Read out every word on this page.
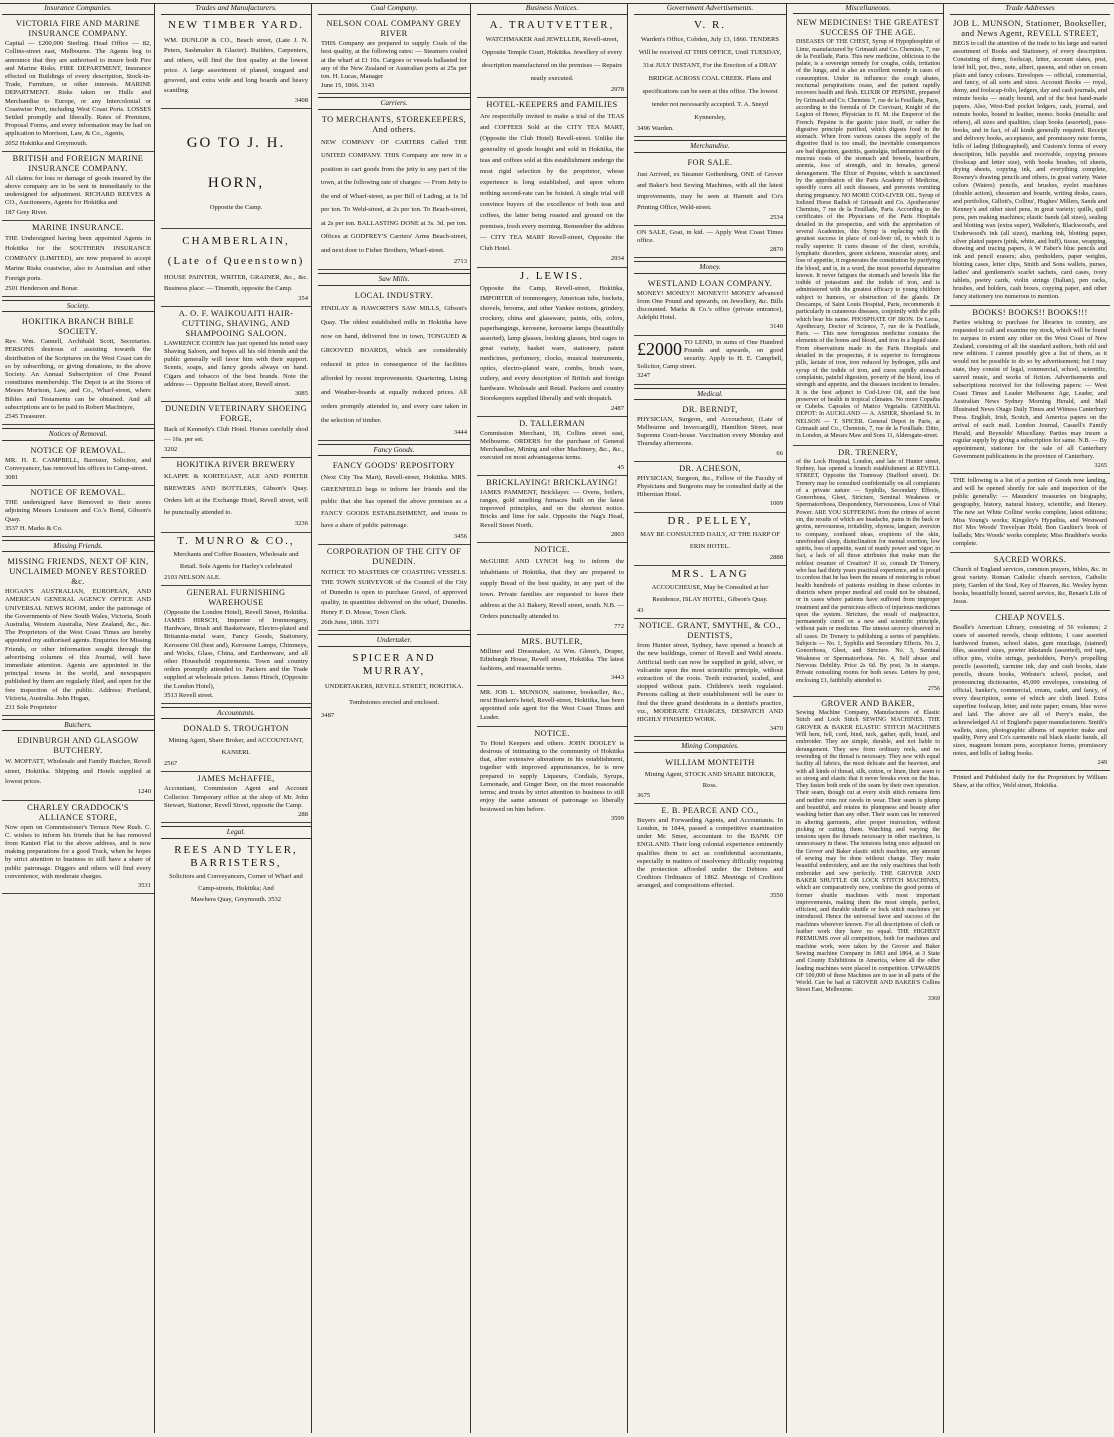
Insurance Companies.
VICTORIA FIRE AND MARINE INSURANCE COMPANY.

Capital — £200,000 Sterling. Head Office — 82, Collins-street east, Melbourne. The Agents beg to announce that they are authorised to insure both Fire and Marine Risks. FIRE DEPARTMENT, Insurance effected on Buildings of every description, Stock-in-Trade, Furniture, or other interests. MARINE DEPARTMENT. Risks taken on Hulls and Merchandise to Europe, or any Intercolonial or Coastwise Port, including West Coast Ports. LOSSES Settled promptly and liberally. Rates of Premium, Proposal Forms, and every information may be had on application to Morrison, Law, & Co., Agents,

2052 Hokitika and Greymouth.
BRITISH and FOREIGN MARINE INSURANCE COMPANY.

All claims for loss or damage of goods insured by the above company are to be sent in immediately to the undersigned for adjustment. RICHARD REEVES & CO., Auctioneers, Agents for Hokitika and

187 Grey River.
MARINE INSURANCE.

THE Undersigned having been appointed Agents in Hokitika for the SOUTHERN INSURANCE COMPANY (LIMITED), are now prepared to accept Marine Risks coastwise, also to Australian and other Foreign ports.

2501 Henderson and Bonar.
Society.
HOKITIKA BRANCH BIBLE SOCIETY.

Rev. Wm. Cannell, Archibald Scott, Secretaries. PERSONS desirous of assisting towards the distribution of the Scriptures on the West Coast can do so by subscribing, or giving donations, to the above Society. An Annual Subscription of One Pound constitutes membership. The Depot is at the Stores of Messrs Morison, Law, and Co., Wharf-street, where Bibles and Testaments can be obtained. And all subscriptions are to be paid to Robert MacIntyre,

2545 Treasurer.
Notices of Removal.
NOTICE OF REMOVAL.

MR. H. E. CAMPBELL, Barrister, Solicitor, and Conveyancer, has removed his offices to Camp-street.

3081
NOTICE OF REMOVAL.

THE undersigned have Removed to their stores adjoining Messrs Louisson and Co.'s Bond, Gibson's Quay.

3537 H. Marks & Co.
Missing Friends.
MISSING FRIENDS, NEXT OF KIN, UNCLAIMED MONEY RESTORED &c.

HOGAN'S AUSTRALIAN, EUROPEAN, AND AMERICAN GENERAL AGENCY OFFICE AND UNIVERSAL NEWS ROOM, under the patronage of the Governments of New South Wales, Victoria, South Australia, Western Australia, New Zealand, &c., &c. The Proprietors of the West Coast Times are hereby appointed my authorised agents. Enquiries for Missing Friends, or other information sought through the advertising columns of this Journal, will have immediate attention. Agents are appointed in the principal towns in the world, and newspapers published by them are regularly filed, and open for the free inspection of the public. Address: Portland, Victoria, Australia. John Hogan,

231 Sole Proprietor
Butchers.
EDINBURGH AND GLASGOW BUTCHERY.

W. MOFFATT, Wholesale and Family Butcher, Revell street, Hokitika. Shipping and Hotels supplied at lowest prices.

1240
CHARLEY CRADDOCK'S ALLIANCE STORE,

Now open on Commissioner's Terrace New Rush. C. C. wishes to inform his friends that he has removed from Kanieri Flat to the above address, and is now making preparations for a good Track, when he hopes by strict attention to business to still have a share of public patronage. Diggers and others will find every convenience, with moderate charges.

3531
Trades and Manufacturers.
NEW TIMBER YARD.

WM. DUNLOP & CO., Beach street, (Late J. N. Peters, Sashmaker & Glazier). Builders, Carpenters, and others, will find the first quality at the lowest price. A large assortment of planed, tongued and grooved, and extra wide and long boards and heavy scantling.

3408
GO TO J. H. HORN,

Opposite the Camp.

CHAMBERLAIN, (Late of Queenstown)

HOUSE PAINTER, WRITER, GRAINER, &c., &c. Business place: — Tinsmith, opposite the Camp.

354
A. O. F. WAIKOUAITI HAIR-CUTTING, SHAVING, AND SHAMPOOING SALOON.

LAWRENCE COHEN has just opened his noted easy Shaving Saloon, and hopes all his old friends and the public generally will favor him with their support. Scents, soaps, and fancy goods always on hand. Cigars and tobacco of the best brands. Note the address — Opposite Belfast store, Revell street.

3085
DUNEDIN VETERINARY SHOEING FORGE,

Back of Kennedy's Club Hotel. Horses carefully shod — 16s. per set.

3202
HOKITIKA RIVER BREWERY

KLAPPE & KORTEGAST, ALE AND PORTER BREWERS AND BOTTLERS, Gibson's Quay. Orders left at the Exchange Hotel, Revell street, will be punctually attended to.

3236
T. MUNRO & CO.,

Merchants and Coffee Roasters, Wholesale and Retail. Sole Agents for Harley's celebrated

2103 NELSON ALE.
GENERAL FURNISHING WAREHOUSE

(Opposite the London Hotel), Revell Street, Hokitika. JAMES HIRSCH, Importer of Ironmongery, Hardware, Brush and Basketware, Electro-plated and Britannia-metal ware, Fancy Goods, Stationery, Kerosene Oil (best and), Kerosene Lamps, Chimneys, and Wicks, Glass, China, and Earthenware, and all other Household requirements. Town and country orders promptly attended to. Packers and the Trade supplied at wholesale prices. James Hirsch, (Opposite the London Hotel),

3513 Revell street.
Accountants.
DONALD S. TROUGHTON

Mining Agent, Share Broker, and ACCOUNTANT, KANIERI.

2567
JAMES McHAFFIE,

Accountant, Commission Agent and Account Collector. Temporary office at the shop of Mr. John Stewart, Stationer, Revell Street, opposite the Camp.

288
Legal.
REES AND TYLER, BARRISTERS,

Solicitors and Conveyancers, Corner of Wharf and Camp-streets, Hokitika; And

Mawhera Quay, Greymouth. 3532
Coal Company.
NELSON COAL COMPANY GREY RIVER

THIS Company are prepared to supply Coals of the best quality, at the following rates: — Steamers coaled at the wharf at £1 10s. Cargoes or vessels ballasted for any of the New Zealand or Australian ports at 25s per ton. H. Lucas, Manager

June 15, 1866. 3143
Carriers.
TO MERCHANTS, STOREKEEPERS, And others.

NEW COMPANY OF CARTERS Called THE UNITED COMPANY. THIS Company are now in a position to cart goods from the jetty to any part of the town, at the following rate of charges: — From Jetty to the end of Wharf-street, as per Bill of Lading, at 1s 3d per ton. To Weld-street, at 2s per ton. To Beach-street, at 2s per ton. BALLASTING DONE at 3s. 3d. per ton. Offices at GODFREY'S Carriers' Arms Beach-street, and next door to Fisher Brothers, Wharf-street.

2713
Saw Mills.
LOCAL INDUSTRY.

FINDLAY & HAWORTH'S SAW MILLS, Gibson's Quay. The oldest established mills in Hokitika have now on hand, delivered free in town, TONGUED & GROOVED BOARDS, which are considerably reduced in price in consequence of the facilities afforded by recent improvements. Quartering, Lining and Weather-boards at equally reduced prices. All orders promptly attended to, and every care taken in the selection of timber.

3444
Fancy Goods.
FANCY GOODS' REPOSITORY

(Next City Tea Mart), Revell-street, Hokitika. MRS. GREENFIELD begs to inform her friends and the public that she has opened the above premises as a FANCY GOODS ESTABLISHMENT, and trusts to have a share of public patronage.

3456
CORPORATION OF THE CITY OF DUNEDIN.

NOTICE TO MASTERS OF COASTING VESSELS. THE TOWN SURVEYOR of the Council of the City of Dunedin is open to purchase Gravel, of approved quality, in quantities delivered on the wharf, Dunedin. Henry F. D. Mosse, Town Clerk.

26th June, 1866. 3371
Undertaker.
SPICER AND MURRAY,

UNDERTAKERS, REVELL STREET, HOKITIKA. Tombstones erected and enclosed.

3487
Business Notices.
A. TRAUTVETTER,

WATCHMAKER And JEWELLER, Revell-street, Opposite Temple Court, Hokitika. Jewellery of every description manufactured on the premises — Repairs neatly executed.

2978
HOTEL-KEEPERS and FAMILIES

Are respectfully invited to make a trial of the TEAS and COFFEES Sold at the CITY TEA MART, (Opposite the Club Hotel) Revell-street. Unlike the generality of goods bought and sold in Hokitika, the teas and coffees sold at this establishment undergo the most rigid selection by the proprietor, whose experience is long established, and upon whom nothing second-rate can be foisted. A single trial will convince buyers of the excellence of both teas and coffees, the latter being roasted and ground on the premises, fresh every morning. Remember the address — CITY TEA MART Revell-street, Opposite the Club Hotel.

2934
J. LEWIS.

Opposite the Camp, Revell-street, Hokitika, IMPORTER of ironmongery, American tubs, buckets, shovels, brooms, and other Yankee notions, grindery, crockery, china and glassware, paints, oils, colors, paperhangings, kerosene, kerosene lamps (beautifully assorted), lamp glasses, looking glasses, bird cages in great variety, basket ware, stationery, patent medicines, perfumery, clocks, musical instruments, optics, electro-plated ware, combs, brush ware, cutlery, and every description of British and foreign hardware. Wholesale and Retail. Packers and country Storekeepers supplied liberally and with despatch.

2487
D. TALLERMAN

Commission Merchant, 18, Collins street east, Melbourne. ORDERS for the purchase of General Merchandise, Mining and other Machinery, &c., &c., executed on most advantageous terms.

45
BRICKLAYING! BRICKLAYING!

JAMES PAMMENT, Bricklayer. — Ovens, boilers, ranges, gold smelting furnaces built on the latest improved principles, and on the shortest notice. Bricks and lime for sale. Opposite the Nag's Head, Revell Street North.

2803
NOTICE.

McGUIRE AND LYNCH beg to inform the inhabitants of Hokitika, that they are prepared to supply Bread of the best quality, in any part of the town. Private families are requested to leave their address at the A1 Bakery, Revell street, south. N.B. — Orders punctually attended to.

772
MRS. BUTLER,

Milliner and Dressmaker, At Wm. Glenn's, Draper, Edinburgh House, Revell street, Hokitika. The latest fashions, and reasonable terms.

3443

MR. JOB L. MUNSON, stationer, bookseller, &c., next Bracken's hotel, Revell-street, Hokitika, has been appointed sole agent for the West Coast Times and Leader.

NOTICE.

To Hotel Keepers and others. JOHN DOOLEY is desirous of intimating to the community of Hokitika that, after extensive alterations in his establishment, together with improved appurtenances, he is now prepared to supply Liqueurs, Cordials, Syrups, Lemonade, and Ginger Beer, on the most reasonable terms; and trusts by strict attention to business to still enjoy the same amount of patronage so liberally bestowed on him before.

3599
Government Advertisements.
V. R.

Warden's Office, Cobden, July 13, 1866. TENDERS Will be received AT THIS OFFICE, Until TUESDAY, 31st JULY INSTANT, For the Erection of a DRAY BRIDGE ACROSS COAL CREEK. Plans and specifications can be seen at this office. The lowest tender not necessarily accepted. T. A. Sneyd Kynnersley,

3496 Warden.
Merchandise.
FOR SALE.

Just Arrived, ex Steamer Gothenburg, ONE of Grover and Baker's best Sewing Machines, with all the latest improvements, may be seen at Harnett and Co's Printing Office, Weld-street.

2534

ON SALE, Goat, in kid. — Apply West Coast Times office.

2870
Money.
WESTLAND LOAN COMPANY.

MONEY! MONEY!! MONEY!!! MONEY advanced from One Pound and upwards, on Jewellery, &c. Bills discounted. Marks & Co.'s office (private entrance), Adelphi Hotel.

3140
£2000 TO LEND, in sums of One Hundred Pounds and upwards, on good security. Apply to H. E. Campbell, Solicitor, Camp street.

3247
Medical.
DR. BERNDT,

PHYSICIAN, Surgeon, and Accoucheur, (Late of Melbourne and Invercargill), Hamilton Street, near Supreme Court-house. Vaccination every Monday and Thursday afternoons.

66
DR. ACHESON,

PHYSICIAN, Surgeon, &c., Fellow of the Faculty of Physicians and Surgeons may be consulted daily at the Hibernian Hotel.

1009
DR. PELLEY,

MAY BE CONSULTED DAILY, AT THE HARP OF ERIN HOTEL.

2888
MRS. LANG

ACCOUCHEUSE, May be Consulted at her Residence, ISLAY HOTEL, Gibson's Quay.

43
NOTICE. GRANT, SMYTHE, & CO., DENTISTS,

from Hunter street, Sydney, have opened a branch at the new buildings, corner of Revell and Weld streets. Artificial teeth can now be supplied in gold, silver, or vulcanite upon the most scientific principle, without extraction of the roots. Teeth extracted, scaled, and stopped without pain. Children's teeth regulated. Persons calling at their establishment will be sure to find the three grand desiderata in a dentist's practice, viz., MODERATE CHARGES, DESPATCH AND HIGHLY FINISHED WORK.

3470
Mining Companies.
WILLIAM MONTEITH

Mining Agent, STOCK AND SHARE BROKER, Ross.

3675
E. B. PEARCE AND CO.,

Buyers and Forwarding Agents, and Accountants. In London, in 1844, passed a competitive examination under Mr. Smee, accountant to the BANK OF ENGLAND. Their long colonial experience eminently qualifies them to act as confidential accountants, especially in matters of insolvency difficulty requiring the protection afforded under the Debtors and Creditors Ordinance of 1862. Meetings of Creditors arranged, and compositions effected.

3550
Miscellaneous.
NEW MEDICINES! THE GREATEST SUCCESS OF THE AGE.

DISEASES OF THE CHEST, Syrup of Hypophosphite of Lime, manufactured by Grimault and Co. Chemists, 7, rue de la Feuillade, Paris. This new medicine, oblicious to the palate, is a sovereign remedy for coughs, colds, irritation of the lungs, and is also an excellent remedy in cases of consumption. Under its influence the cough abates, nocturnal perspirations cease, and the patient rapidly recovers health and flesh. ELIXIR OF PEPSINE, prepared by Grimault and Co. Chemists 7, rue de la Feuillade, Paris, according to the formula of Dr Corvisart, Knight of the Legion of Honor, Physician to H. M. the Emperor of the French. Pepsine is the gastric juice itself, or rather the digestive principle purified, which digests food in the stomach. When from various causes the supply of the digestive fluid is too small, the inevitable consequences are bad digestion, gastritis, gastralgia, inflammation of the mucous coats of the stomach and bowels, heartburn, anemia, loss of strength, and in females, general derangement. The Elixir of Pepsine, which is sanctioned by the approbation of the Paris Academy of Medicine, speedily cures all such diseases, and prevents vomiting during pregnancy. NO MORE COD-LIVER OIL. Syrup of Iodized Horse Radish of Grimault and Co. Apothecaries' Chemists, 7 rue de la Feuillade, Paris. According to the certificates of the Physicians of the Paris Hospitals detailed in the prospectus, and with the approbation of several Academies, this Syrup is replacing with the greatest success in place of cod-liver oil, to which it is really superior. It cures disease of the chest, scrofula, lymphatic disorders, green sickness, muscular atony, and loss of appetite, it regenerates the constitution by purifying the blood, and is, in a word, the most powerful depurative known. It never fatigues the stomach and bowels like the iodide of potassium and the iodide of iron, and is administered with the greatest efficacy to young children subject to humors, or obstruction of the glands. Dr Descamps, of Saint Louis Hospital, Paris, recommends it particularly in cutaneous diseases, conjointly with the pills which bear his name. PHOSPHATE OF IRON. Dr Leras, Apothecary, Doctor of Science, 7, rue de la Feuillade, Paris. — This new ferruginous medicine contains the elements of the bones and blood, and iron in a liquid state. From observations made in the Paris Hospitals and detailed in the prospectus, it is superior to ferruginous pills, lactate of iron, iron reduced by hydrogen, pills and syrup of the iodide of iron, and cures rapidly stomach complaints, painful digestion, poverty of the blood, loss of strength and appetite, and the diseases incident to females. It is the best adjunct to Cod-Liver Oil, and the best preserver of health in tropical climates. No more Copaiba or Cubebs. Capsules of Matico Vegetalis. GENERAL DEPOT: In AUCKLAND — A. ASHER, Shortland St. In NELSON — T. SPICER. General Depot in Paris, at Grimault and Co., Chemists, 7, rue de la Feuillade. Ditto, in London, at Messrs Maw and Sons 11, Aldersgate-street.

DR. TRENERY,

of the Lock Hospital, London, and late of Hunter street, Sydney, has opened a branch establishment at REVELL STREET, Opposite the Tramway (Stafford street). Dr. Trenery may be consulted confidentially on all complaints of a private nature — Syphilis, Secondary Effects, Gonorrhoea, Gleet, Stricture, Seminal Weakness or Spermatorrhoea, Despondency, Nervousness, Loss of Vital Power. ARE YOU SUFFERING from the crimes of secret sin, the results of which are headache, pains in the back or groins, nervousness, irritability, shyness, languor, aversion to company, confused ideas, eruptions of the skin, unrefreshed sleep, disinclination for mental exertion, low spirits, loss of appetite, want of manly power and vigor; in fact, a lack of all those attributes that make man the noblest creature of Creation? If so, consult Dr Trenery, who has had thirty years practical experience, and is proud to confess that he has been the means of restoring to robust health hundreds of patients residing in these colonies in districts where proper medical aid could not be obtained, or in cases where patients have suffered from improper treatment and the pernicious effects of injurious medicines upon the system. Stricture, the result of malpractice, permanently cured on a new and scientific principle, without pain or medicine. The utmost secrecy observed in all cases. Dr Trenery is publishing a series of pamphlets. Subjects — No. 1, Syphilis and Secondary Effects. No. 2, Gonorrhoea, Gleet, and Stricture. No. 3, Seminal Weakness or Spermatorrhoea. No. 4, Self abuse and Nervous Debility. Price 2s 6d. By post, 3s in stamps. Private consulting rooms for both sexes. Letters by post, enclosing £1, faithfully attended to.

2756
GROVER AND BAKER,

Sewing Machine Company, Manufacturers of Elastic Stitch and Lock Stitch SEWING MACHINES. THE GROVER & BAKER ELASTIC STITCH MACHINES Will hem, fell, cord, bind, tuck, gather, quilt, braid, and embroider. They are simple, durable, and not liable to derangement. They sew from ordinary reels, and no rewinding of the thread is necessary. They sew with equal facility all fabrics, the most delicate and the heaviest, and with all kinds of thread, silk, cotton, or linen, their seam is so strong and elastic that it never breaks even on the bias. They fasten both ends of the seam by their own operation. Their seam, though cut at every sixth stitch remains firm and neither runs nor ravels in wear. Their seam is plump and beautiful, and retains its plumpness and beauty after washing better than any other. Their seam can be removed in altering garments, after proper instruction, without picking or cutting them. Watching and varying the tensions upon the threads necessary in other machines, is unnecessary in these. The tensions being once adjusted on the Grover and Baker elastic stitch machine, any amount of sewing may be done without change. They make beautiful embroidery, and are the only machines that both embroider and sew perfectly. THE GROVER AND BAKER SHUTTLE OR LOCK STITCH MACHINES, which are comparatively new, combine the good points of former shuttle machines with most important improvements, making them the most simple, perfect, efficient, and durable shuttle or lock stitch machines yet introduced. Hence the universal favor and success of the machines wherever known. For all descriptions of cloth or leather work they have no equal. THE HIGHEST PREMIUMS over all competitors, both for machines and machine work, were taken by the Grover and Baker Sewing machine Company in 1863 and 1864, at 3 State and County Exhibitions in America, where all the other leading machines were placed in competition. UPWARDS OF 100,000 of these Machines are in use in all parts of the World. Can be had at GROVER AND BAKER'S Collins Street East, Melbourne.

3369
Trade Addresses
JOB L. MUNSON, Stationer, Bookseller, and News Agent, REVELL STREET,

BEGS to call the attention of the trade to his large and varied assortment of Books and Stationery, of every description. Consisting of demy, foolscap, letter, account slates, post, brief bill, pot, 8vo., note, albert, queens, and other on cream plain and fancy colours. Envelopes — official, commercial, and fancy, of all sorts and sizes. Account Books — royal, demy, and foolscap-folio, ledgers, day and cash journals, and minute books — neatly bound, and of the best hand-made papers. Also, West-End pocket ledgers, cash, journal, and minute books, bound in leather, memo. books (metallic and others), all sizes and qualities, clasp books (assorted), pass-books, and in fact, of all kinds generally required. Receipt and delivery books, acceptance, and promissory note forms, bills of lading (lithographed), and Custom's forms of every description, bills payable and receivable, copying presses (foolscap and letter size), with books brushes, oil sheets, drying sheets, copying ink, and everything complete, Rowney's drawing pencils and others, in great variety. Water colors (Waters) pencils, and brushes, eyelet machines (double action), chessmen and boards, writing desks, cases, and portfolios, Gillott's, Collins', Hughes' Millers, Sands and Kenney's and other steel pens, in great variety; quills, quill pens, pen making machines; elastic bands (all sizes), sealing and blotting wax (extra super), Walkden's, Blackwood's, and Underwood's ink (all sizes), marking ink, blotting paper, silver plated papers (pink, white, and buff), tissue, wrapping, drawing and tracing papers, A W Faber's blue pencils and ink and pencil erasers; also, penholders, paper weights, blotting cases, letter clips, Smith and Sons wallets, purses, ladies' and gentlemen's scarlet sachets, card cases, ivory tablets, poetry cards, violin strings (Italian), pen racks, brushes, and holders, cash boxes, copying paper, and other fancy stationery too numerous to mention.

BOOKS! BOOKS!! BOOKS!!!

Parties wishing to purchase for libraries in country, are requested to call and examine my stock, which will be found to surpass in extent any other on the West Coast of New Zealand, consisting of all the standard authors, both old and new editions. I cannot possibly give a list of them, as it would not be possible to do so by advertisement; but I may state, they consist of legal, commercial, school, scientific, sacred music, and works of fiction. Advertisements and subscriptions received for the following papers: — West Coast Times and Leader Melbourne Age, Leader, and Australian News Sydney Morning Herald, and Mail Illustrated News Otago Daily Times and Witness Canterbury Press. English, Irish, Scotch, and America papers on the arrival of each mail. London Journal, Cassell's Family Herald, and Reynolds' Miscellany. Parties may insure a regular supply by giving a subscription for same. N.B. — By appointment, stationer for the sale of all Canterbury Government publications in the province of Canterbury.

3265

THE following is a list of a portion of Goods now landing, and will be opened shortly for sale and inspection of the public generally: — Maunders' treasuries on biography, geography, history, natural history, scientific, and literary. The new set White Collins' works complete, latest editions; Miss Young's works; Kingsley's Hypathia, and Westward Ho! Mrs Woods' Trevelyan Hold; Bon Gaultier's book of ballads; Mrs Woods' works complete; Miss Braddon's works complete.

SACRED WORKS.

Church of England services, common prayers, bibles, &c. in great variety. Roman Catholic church services, Catholic piety, Garden of the Soul, Key of Heaven, &c. Wesley hymn books, beautifully bound, sacred service, &c, Renan's Life of Jesus.

CHEAP NOVELS.

Beadle's American Library, consisting of 56 volumes; 2 cases of assorted novels, cheap editions; 1 case assorted hardwood frames, school slates, gum mucilage, (stained) files, assorted sizes, pewter inkstands (assorted), red tape, office pins, violin strings, penholders, Perry's propelling pencils (assorted), carmine ink, day and cash books, slate pencils, dream books, Webster's school, pocket, and pronouncing dictionaries, 45,000 envelopes, consisting of official, banker's, commercial, cream, cadet, and fancy, of every description, some of which are cloth lined. Extra superfine foolscap, letter, and note paper; cream, blue wove and laid. The above are all of Perry's make, the acknowledged A1 of England's paper manufacturers. Smith's wallets, sizes, photographic albums of superior make and quality, Perry and Co's carmentic rail black elastic bands, all sizes, magnum bonum pens, acceptance forms, promissory notes, and bills of lading books.

249

Printed and Published daily for the Proprietors by William Shaw, at the office, Weld street, Hokitika.
